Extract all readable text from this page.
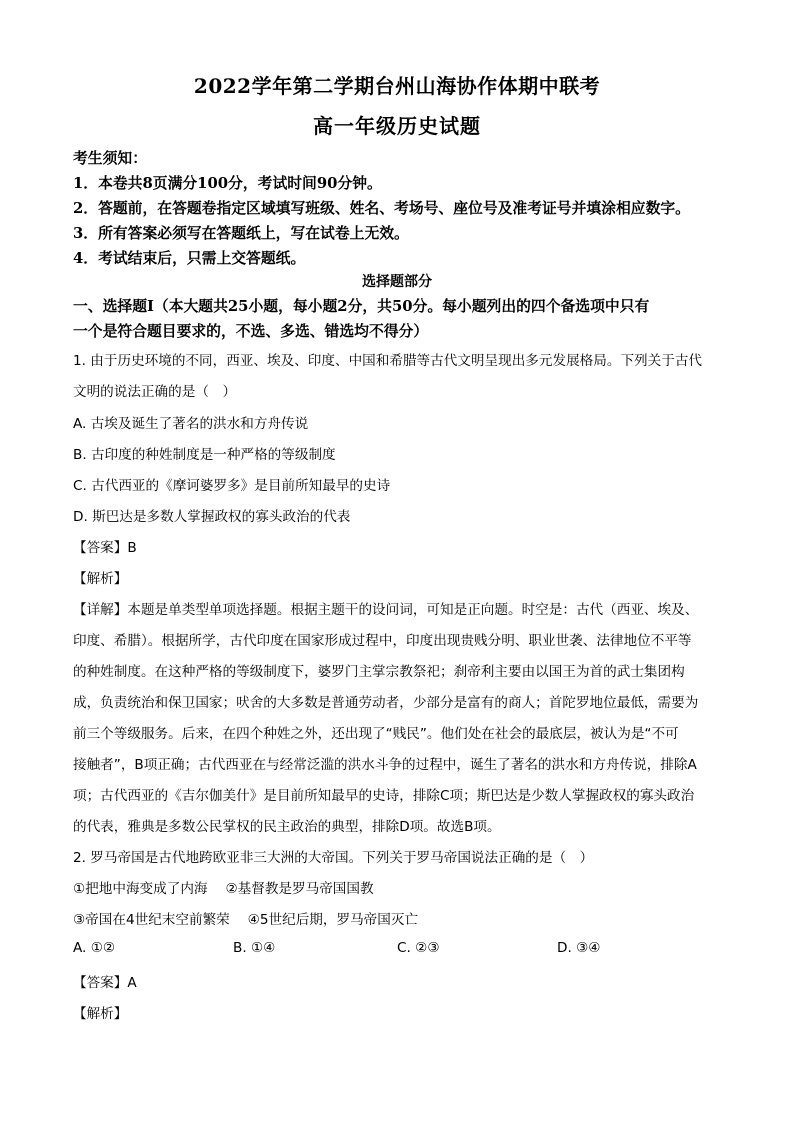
2022学年第二学期台州山海协作体期中联考
高一年级历史试题
考生须知：
1．本卷共8页满分100分，考试时间90分钟。
2．答题前，在答题卷指定区域填写班级、姓名、考场号、座位号及准考证号并填涂相应数字。
3．所有答案必须写在答题纸上，写在试卷上无效。
4．考试结束后，只需上交答题纸。
选择题部分
一、选择题Ⅰ（本大题共25小题，每小题2分，共50分。每小题列出的四个备选项中只有
一个是符合题目要求的，不选、多选、错选均不得分）
1. 由于历史环境的不同，西亚、埃及、印度、中国和希腊等古代文明呈现出多元发展格局。下列关于古代
文明的说法正确的是（　）
A. 古埃及诞生了著名的洪水和方舟传说
B. 古印度的种姓制度是一种严格的等级制度
C. 古代西亚的《摩诃婆罗多》是目前所知最早的史诗
D. 斯巴达是多数人掌握政权的寡头政治的代表
【答案】B
【解析】
【详解】本题是单类型单项选择题。根据主题干的设问词，可知是正向题。时空是：古代（西亚、埃及、
印度、希腊）。根据所学，古代印度在国家形成过程中，印度出现贵贱分明、职业世袭、法律地位不平等
的种姓制度。在这种严格的等级制度下，婆罗门主掌宗教祭祀；刹帝利主要由以国王为首的武士集团构
成，负责统治和保卫国家；吠舍的大多数是普通劳动者，少部分是富有的商人；首陀罗地位最低，需要为
前三个等级服务。后来，在四个种姓之外，还出现了“贱民”。他们处在社会的最底层，被认为是“不可
接触者”，B项正确；古代西亚在与经常泛滥的洪水斗争的过程中，诞生了著名的洪水和方舟传说，排除A
项；古代西亚的《吉尔伽美什》是目前所知最早的史诗，排除C项；斯巴达是少数人掌握政权的寡头政治
的代表，雅典是多数公民掌权的民主政治的典型，排除D项。故选B项。
2. 罗马帝国是古代地跨欧亚非三大洲的大帝国。下列关于罗马帝国说法正确的是（　）
①把地中海变成了内海　 ②基督教是罗马帝国国教
③帝国在4世纪末空前繁荣　 ④5世纪后期，罗马帝国灭亡
A. ①②	B. ①④	C. ②③	D. ③④
【答案】A
【解析】
